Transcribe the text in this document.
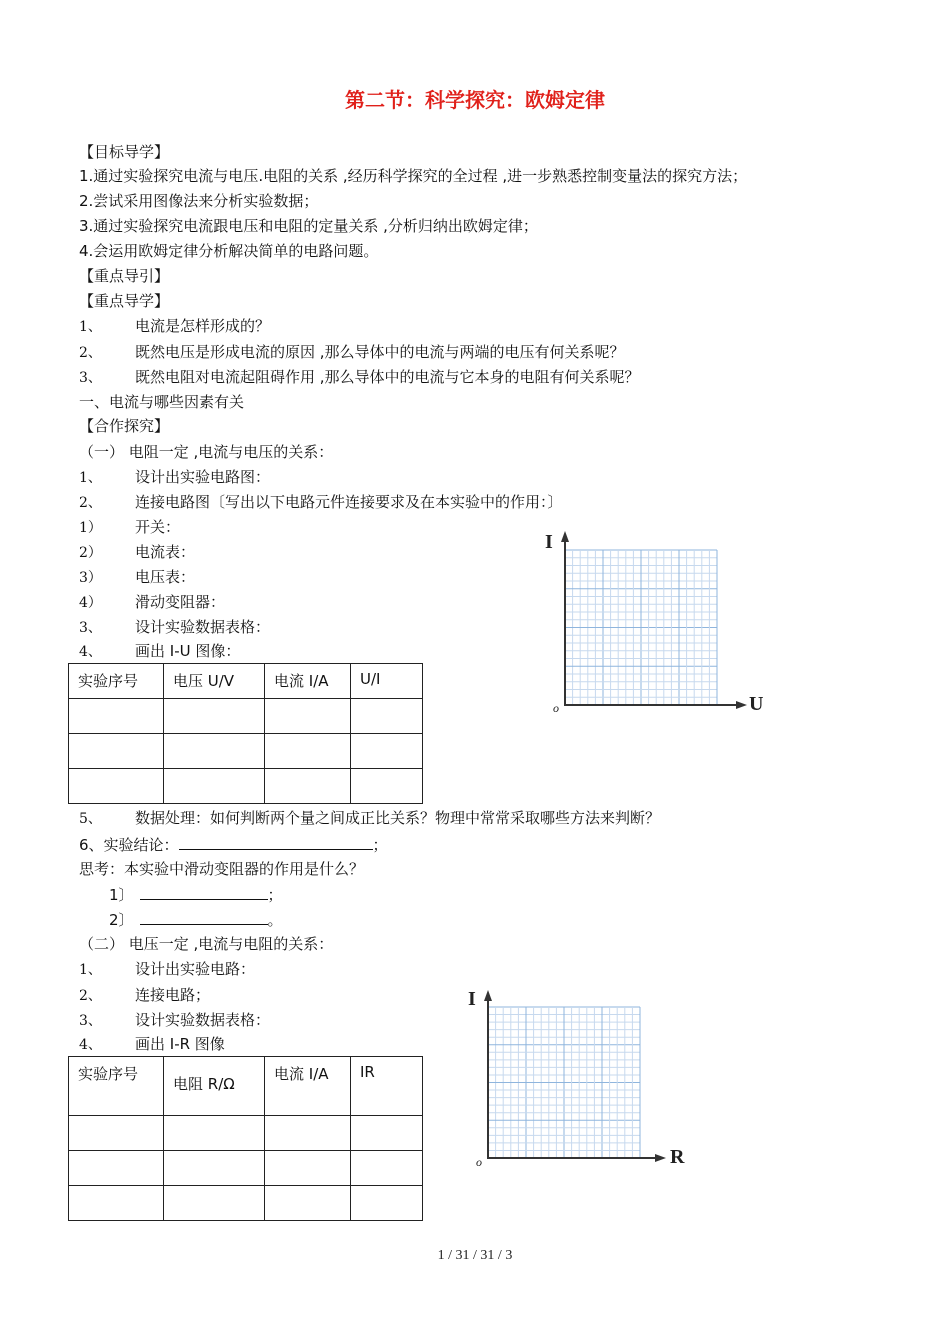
第二节：科学探究：欧姆定律
【目标导学】
1.通过实验探究电流与电压.电阻的关系 ,经历科学探究的全过程 ,进一步熟悉控制变量法的探究方法；
2.尝试采用图像法来分析实验数据；
3.通过实验探究电流跟电压和电阻的定量关系 ,分析归纳出欧姆定律；
4.会运用欧姆定律分析解决简单的电路问题。
【重点导引】
【重点导学】
1、 电流是怎样形成的？
2、 既然电压是形成电流的原因 ,那么导体中的电流与两端的电压有何关系呢？
3、 既然电阻对电流起阻碍作用 ,那么导体中的电流与它本身的电阻有何关系呢？
一、电流与哪些因素有关
【合作探究】
（一） 电阻一定 ,电流与电压的关系：
1、 设计出实验电路图：
2、 连接电路图〔写出以下电路元件连接要求及在本实验中的作用：〕
1） 开关：
2） 电流表：
3） 电压表：
4） 滑动变阻器：
3、 设计实验数据表格：
4、 画出 I-U 图像：
实验序号	电压 U/V	电流 I/A	U/I

I
U
o
5、 数据处理：如何判断两个量之间成正比关系？物理中常常采取哪些方法来判断？
6、实验结论：	；
思考：本实验中滑动变阻器的作用是什么？
1〕	；
2〕	。
（二） 电压一定 ,电流与电阻的关系：
1、 设计出实验电路：
2、 连接电路；
3、 设计实验数据表格：
4、 画出 I-R 图像
实验序号	电阻 R/Ω	电流 I/A	IR

I
R
o
1 / 31 / 31 / 3
